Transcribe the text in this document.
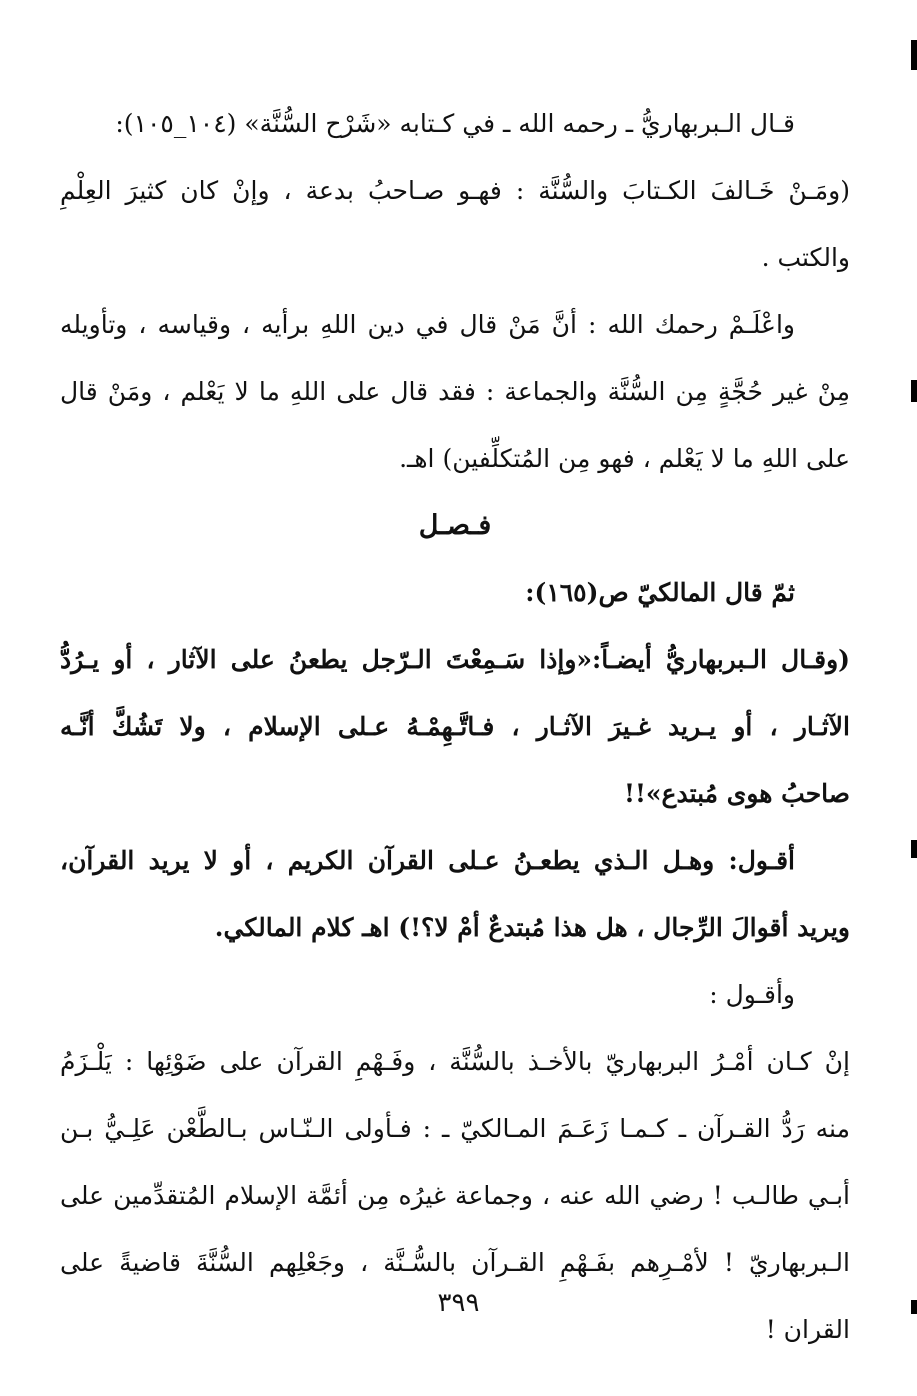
قـال الـبربهاريُّ ـ رحمه الله ـ في كـتابه «شَرْح السُّنَّة» (١٠٤_١٠٥):
(ومَـنْ خَـالفَ الكـتابَ والسُّنَّة : فهـو صـاحبُ بدعة ، وإنْ كان كثيرَ العِلْمِ
والكتب .
واعْلَـمْ رحمك الله : أنَّ مَنْ قال في دين اللهِ برأيه ، وقياسه ، وتأويله
مِنْ غير حُجَّةٍ مِن السُّنَّة والجماعة : فقد قال على اللهِ ما لا يَعْلم ، ومَنْ قال
على اللهِ ما لا يَعْلم ، فهو مِن المُتكلِّفين) اهـ.
فـصـل
ثمّ قال المالكيّ ص(١٦٥):
(وقـال الـبربهاريُّ أيضـاً:«وإذا سَـمِعْتَ الـرّجل يطعنُ على الآثار ، أو يـرُدُّ
الآثـار ، أو يـريد غـيرَ الآثـار ، فـاتَّـهِمْـهُ عـلى الإسلام ، ولا تَشُكَّ أنَّـه
صاحبُ هوى مُبتدع»!!
أقـول: وهـل الـذي يطعـنُ عـلى القرآن الكريم ، أو لا يريد القرآن،
ويريد أقوالَ الرِّجال ، هل هذا مُبتدعٌ أمْ لا؟!) اهـ كلام المالكي.
وأقـول :
إنْ كـان أمْـرُ البربهاريّ بالأخـذ بالسُّنَّة ، وفَـهْمِ القرآن على ضَوْئِها : يَلْـزَمُ
منه رَدُّ القـرآن ـ كـمـا زَعَـمَ المـالكيّ ـ : فـأولى الـنّـاس بـالطَّعْن عَلِـيُّ بـن
أبـي طالـب ! رضي الله عنه ، وجماعة غيرُه مِن أئمَّة الإسلام المُتقدِّمين على
الـبربهاريّ ! لأمْـرِهم بفَـهْمِ القـرآن بالسُّـنَّة ، وجَعْلِهم السُّنَّةَ قاضيةً على
القران !
٣٩٩
